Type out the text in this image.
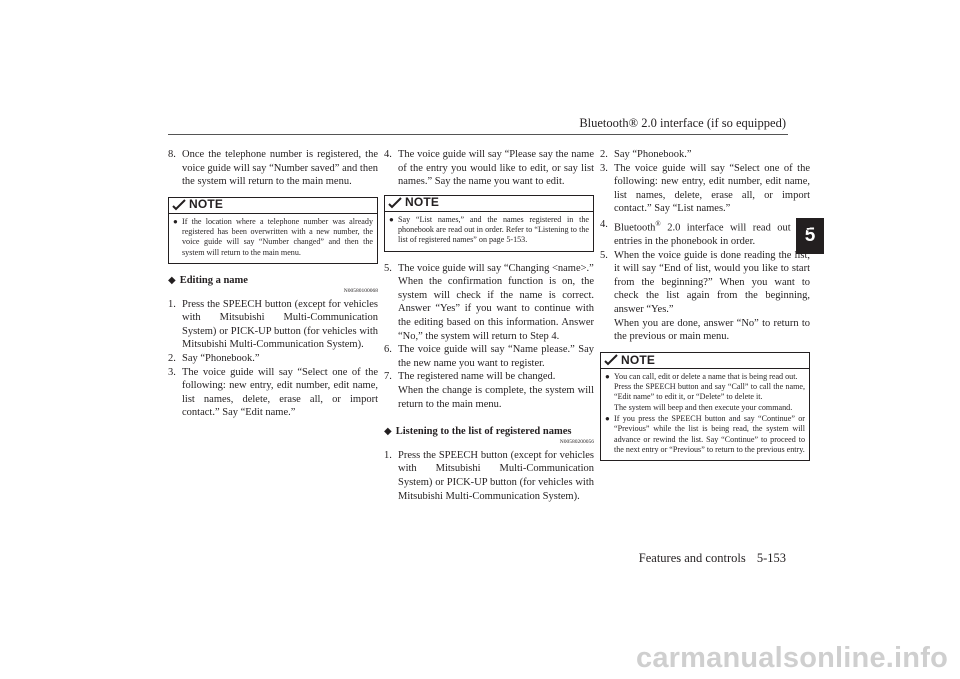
Bluetooth® 2.0 interface (if so equipped)
5
8. Once the telephone number is registered, the voice guide will say “Number saved” and then the system will return to the main menu.
NOTE
● If the location where a telephone number was already registered has been overwritten with a new number, the voice guide will say “Number changed” and then the system will return to the main menu.
◆ Editing a name
N00580100068
1. Press the SPEECH button (except for vehicles with Mitsubishi Multi-Communication System) or PICK-UP button (for vehicles with Mitsubishi Multi-Communication System).
2. Say “Phonebook.”
3. The voice guide will say “Select one of the following: new entry, edit number, edit name, list names, delete, erase all, or import contact.” Say “Edit name.”
4. The voice guide will say “Please say the name of the entry you would like to edit, or say list names.” Say the name you want to edit.
NOTE
● Say “List names,” and the names registered in the phonebook are read out in order. Refer to “Listening to the list of registered names” on page 5-153.
5. The voice guide will say “Changing <name>.”

When the confirmation function is on, the system will check if the name is correct. Answer “Yes” if you want to continue with the editing based on this information. Answer “No,” the system will return to Step 4.

6. The voice guide will say “Name please.” Say the new name you want to register.
7. The registered name will be changed.

When the change is complete, the system will return to the main menu.

◆ Listening to the list of registered names
N00580200056
1. Press the SPEECH button (except for vehicles with Mitsubishi Multi-Communication System) or PICK-UP button (for vehicles with Mitsubishi Multi-Communication System).
2. Say “Phonebook.”
3. The voice guide will say “Select one of the following: new entry, edit number, edit name, list names, delete, erase all, or import contact.” Say “List names.”
4. Bluetooth® 2.0 interface will read out the entries in the phonebook in order.
5. When the voice guide is done reading the list, it will say “End of list, would you like to start from the beginning?” When you want to check the list again from the beginning, answer “Yes.”

When you are done, answer “No” to return to the previous or main menu.

NOTE
● You can call, edit or delete a name that is being read out.
Press the SPEECH button and say “Call” to call the name, “Edit name” to edit it, or “Delete” to delete it.
The system will beep and then execute your command.
● If you press the SPEECH button and say “Continue” or “Previous” while the list is being read, the system will advance or rewind the list. Say “Continue” to proceed to the next entry or “Previous” to return to the previous entry.
Features and controls 5-153
carmanualsonline.info
